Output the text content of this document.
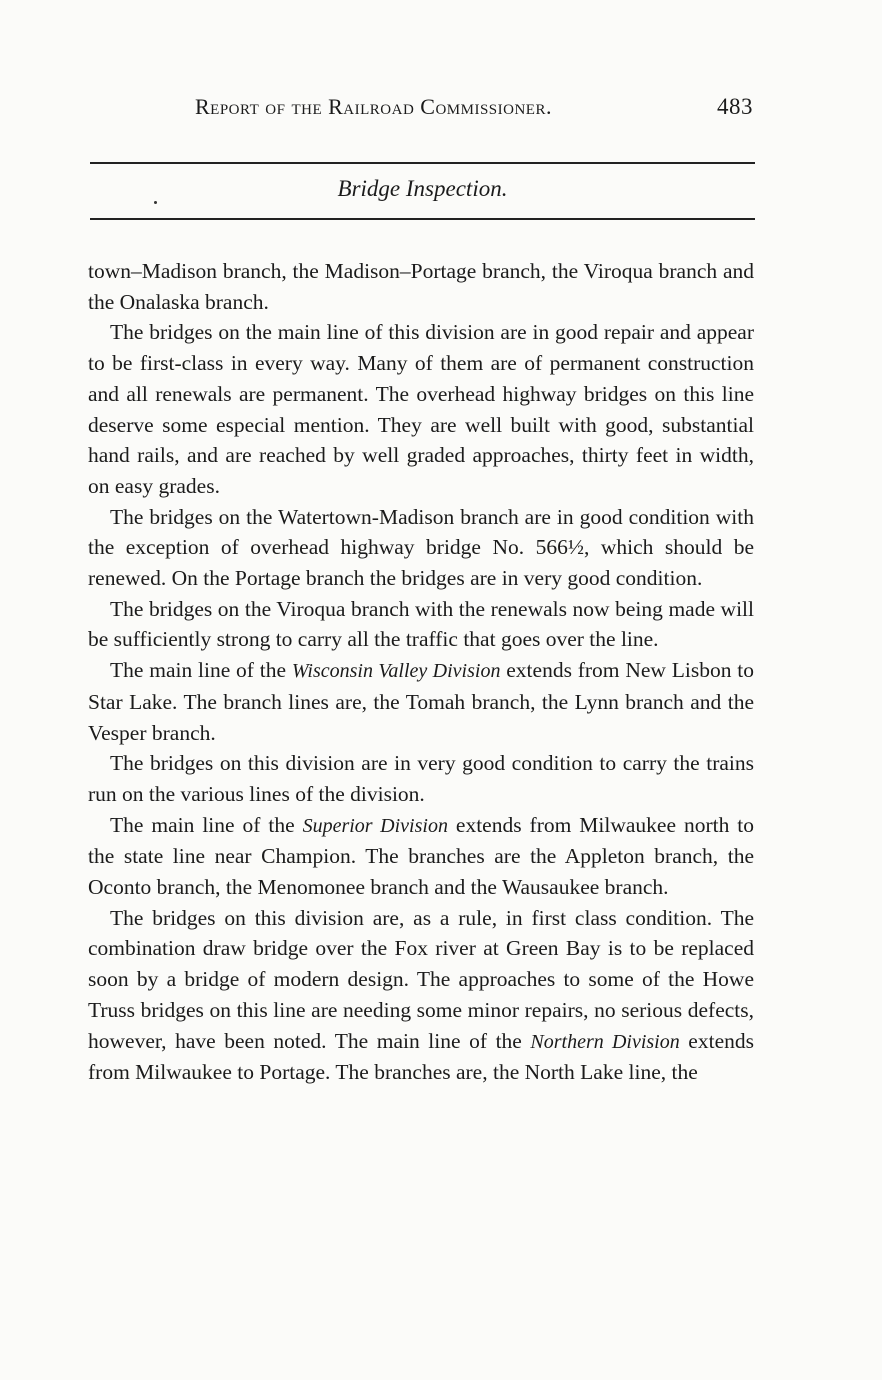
Report of the Railroad Commissioner.	483
Bridge Inspection.

town–Madison branch, the Madison–Portage branch, the Viroqua branch and the Onalaska branch.

The bridges on the main line of this division are in good repair and appear to be first-class in every way. Many of them are of permanent construction and all renewals are permanent. The overhead highway bridges on this line deserve some especial mention. They are well built with good, substantial hand rails, and are reached by well graded approaches, thirty feet in width, on easy grades.

The bridges on the Watertown-Madison branch are in good condition with the exception of overhead highway bridge No. 566½, which should be renewed. On the Portage branch the bridges are in very good condition.

The bridges on the Viroqua branch with the renewals now being made will be sufficiently strong to carry all the traffic that goes over the line.

The main line of the Wisconsin Valley Division extends from New Lisbon to Star Lake. The branch lines are, the Tomah branch, the Lynn branch and the Vesper branch.

The bridges on this division are in very good condition to carry the trains run on the various lines of the division.

The main line of the Superior Division extends from Milwaukee north to the state line near Champion. The branches are the Appleton branch, the Oconto branch, the Menomonee branch and the Wausaukee branch.

The bridges on this division are, as a rule, in first class condition. The combination draw bridge over the Fox river at Green Bay is to be replaced soon by a bridge of modern design. The approaches to some of the Howe Truss bridges on this line are needing some minor repairs, no serious defects, however, have been noted. The main line of the Northern Division extends from Milwaukee to Portage. The branches are, the North Lake line, the
